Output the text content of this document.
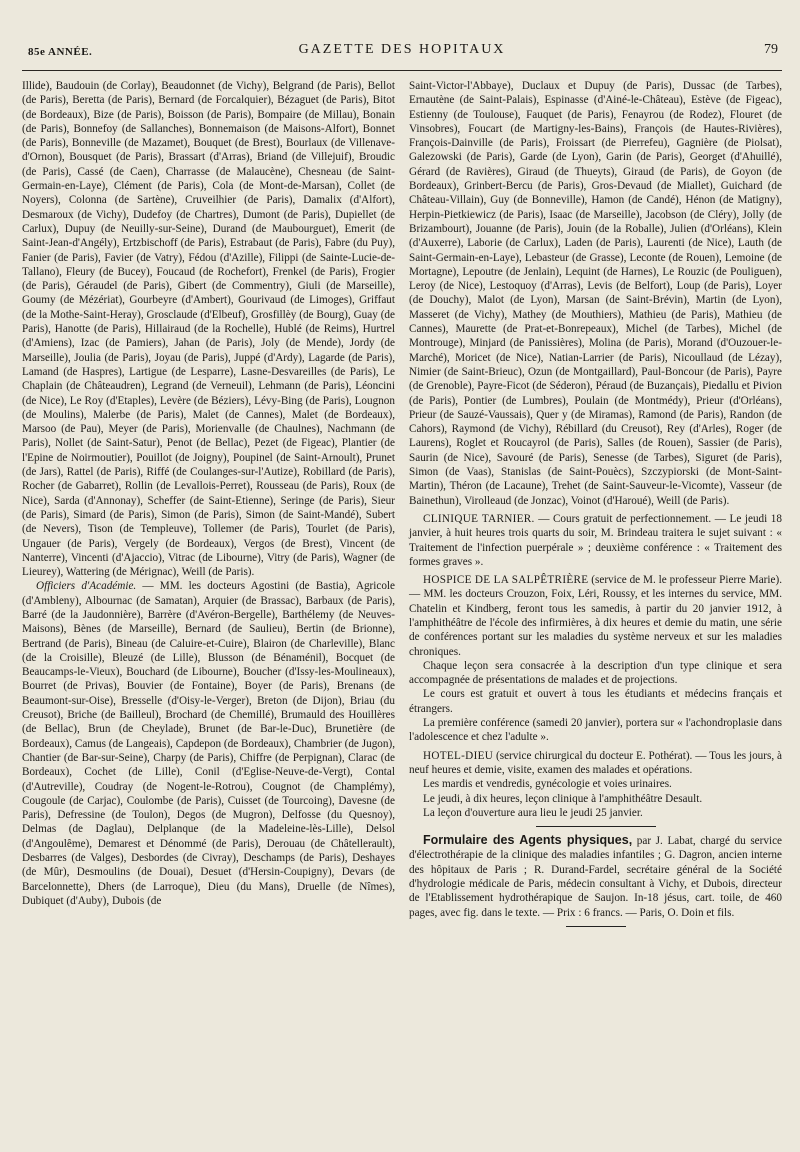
85e ANNÉE.	GAZETTE DES HOPITAUX	79

Illide), Baudouin (de Corlay), Beaudonnet (de Vichy), Belgrand (de Paris), Bellot (de Paris), Beretta (de Paris), Bernard (de Forcalquier), Bézaguet (de Paris), Bitot (de Bordeaux), Bize (de Paris), Boisson (de Paris), Bompaire (de Millau), Bonain (de Paris), Bonnefoy (de Sallanches), Bonnemaison (de Maisons-Alfort), Bonnet (de Paris), Bonneville (de Mazamet), Bouquet (de Brest), Bourlaux (de Villenave-d'Ornon), Bousquet (de Paris), Brassart (d'Arras), Briand (de Villejuif), Broudic (de Paris), Cassé (de Caen), Charrasse (de Malaucène), Chesneau (de Saint-Germain-en-Laye), Clément (de Paris), Cola (de Mont-de-Marsan), Collet (de Noyers), Colonna (de Sartène), Cruveilhier (de Paris), Damalix (d'Alfort), Desmaroux (de Vichy), Dudefoy (de Chartres), Dumont (de Paris), Dupiellet (de Carlux), Dupuy (de Neuilly-sur-Seine), Durand (de Maubourguet), Emerit (de Saint-Jean-d'Angély), Ertzbischoff (de Paris), Estrabaut (de Paris), Fabre (du Puy), Fanier (de Paris), Favier (de Vatry), Fédou (d'Azille), Filippi (de Sainte-Lucie-de-Tallano), Fleury (de Bucey), Foucaud (de Rochefort), Frenkel (de Paris), Frogier (de Paris), Géraudel (de Paris), Gibert (de Commentry), Giuli (de Marseille), Goumy (de Mézériat), Gourbeyre (d'Ambert), Gourivaud (de Limoges), Griffaut (de la Mothe-Saint-Heray), Grosclaude (d'Elbeuf), Grosfillèy (de Bourg), Guay (de Paris), Hanotte (de Paris), Hillairaud (de la Rochelle), Hublé (de Reims), Hurtrel (d'Amiens), Izac (de Pamiers), Jahan (de Paris), Joly (de Mende), Jordy (de Marseille), Joulia (de Paris), Joyau (de Paris), Juppé (d'Ardy), Lagarde (de Paris), Lamand (de Haspres), Lartigue (de Lesparre), Lasne-Desvareilles (de Paris), Le Chaplain (de Châteaudren), Legrand (de Verneuil), Lehmann (de Paris), Léoncini (de Nice), Le Roy (d'Etaples), Levère (de Béziers), Lévy-Bing (de Paris), Lougnon (de Moulins), Malerbe (de Paris), Malet (de Cannes), Malet (de Bordeaux), Marsoo (de Pau), Meyer (de Paris), Morienvalle (de Chaulnes), Nachmann (de Paris), Nollet (de Saint-Satur), Penot (de Bellac), Pezet (de Figeac), Plantier (de l'Epine de Noirmoutier), Pouillot (de Joigny), Poupinel (de Saint-Arnoult), Prunet (de Jars), Rattel (de Paris), Riffé (de Coulanges-sur-l'Autize), Robillard (de Paris), Rocher (de Gabarret), Rollin (de Levallois-Perret), Rousseau (de Paris), Roux (de Nice), Sarda (d'Annonay), Scheffer (de Saint-Etienne), Seringe (de Paris), Sieur (de Paris), Simard (de Paris), Simon (de Paris), Simon (de Saint-Mandé), Subert (de Nevers), Tison (de Templeuve), Tollemer (de Paris), Tourlet (de Paris), Ungauer (de Paris), Vergely (de Bordeaux), Vergos (de Brest), Vincent (de Nanterre), Vincenti (d'Ajaccio), Vitrac (de Libourne), Vitry (de Paris), Wagner (de Lieurey), Wattering (de Mérignac), Weill (de Paris).

Officiers d'Académie. — MM. les docteurs Agostini (de Bastia), Agricole (d'Ambleny), Albournac (de Samatan), Arquier (de Brassac), Barbaux (de Paris), Barré (de la Jaudonnière), Barrère (d'Avéron-Bergelle), Barthélemy (de Neuves-Maisons), Bènes (de Marseille), Bernard (de Saulieu), Bertin (de Brionne), Bertrand (de Paris), Bineau (de Caluire-et-Cuire), Blairon (de Charleville), Blanc (de la Croisille), Bleuzé (de Lille), Blusson (de Bénaménil), Bocquet (de Beaucamps-le-Vieux), Bouchard (de Libourne), Boucher (d'Issy-les-Moulineaux), Bourret (de Privas), Bouvier (de Fontaine), Boyer (de Paris), Brenans (de Beaumont-sur-Oise), Bresselle (d'Oisy-le-Verger), Breton (de Dijon), Briau (du Creusot), Briche (de Bailleul), Brochard (de Chemillé), Brumauld des Houillères (de Bellac), Brun (de Cheylade), Brunet (de Bar-le-Duc), Brunetière (de Bordeaux), Camus (de Langeais), Capdepon (de Bordeaux), Chambrier (de Jugon), Chantier (de Bar-sur-Seine), Charpy (de Paris), Chiffre (de Perpignan), Clarac (de Bordeaux), Cochet (de Lille), Conil (d'Eglise-Neuve-de-Vergt), Contal (d'Autreville), Coudray (de Nogent-le-Rotrou), Cougnot (de Champlémy), Cougoule (de Carjac), Coulombe (de Paris), Cuisset (de Tourcoing), Davesne (de Paris), Defressine (de Toulon), Degos (de Mugron), Delfosse (du Quesnoy), Delmas (de Daglau), Delplanque (de la Madeleine-lès-Lille), Delsol (d'Angoulême), Demarest et Dénommé (de Paris), Derouau (de Châtellerault), Desbarres (de Valges), Desbordes (de Civray), Deschamps (de Paris), Deshayes (de Mûr), Desmoulins (de Douai), Desuet (d'Hersin-Coupigny), Devars (de Barcelonnette), Dhers (de Larroque), Dieu (du Mans), Druelle (de Nîmes), Dubiquet (d'Auby), Dubois (de

Saint-Victor-l'Abbaye), Duclaux et Dupuy (de Paris), Dussac (de Tarbes), Ernautène (de Saint-Palais), Espinasse (d'Ainé-le-Château), Estève (de Figeac), Estienny (de Toulouse), Fauquet (de Paris), Fenayrou (de Rodez), Flouret (de Vinsobres), Foucart (de Martigny-les-Bains), François (de Hautes-Rivières), François-Dainville (de Paris), Froissart (de Pierrefeu), Gagnière (de Piolsat), Galezowski (de Paris), Garde (de Lyon), Garin (de Paris), Georget (d'Ahuillé), Gérard (de Ravières), Giraud (de Thueyts), Giraud (de Paris), de Goyon (de Bordeaux), Grinbert-Bercu (de Paris), Gros-Devaud (de Miallet), Guichard (de Château-Villain), Guy (de Bonneville), Hamon (de Candé), Hénon (de Matigny), Herpin-Pietkiewicz (de Paris), Isaac (de Marseille), Jacobson (de Cléry), Jolly (de Brizambourt), Jouanne (de Paris), Jouin (de la Roballe), Julien (d'Orléans), Klein (d'Auxerre), Laborie (de Carlux), Laden (de Paris), Laurenti (de Nice), Lauth (de Saint-Germain-en-Laye), Lebasteur (de Grasse), Leconte (de Rouen), Lemoine (de Mortagne), Lepoutre (de Jenlain), Lequint (de Harnes), Le Rouzic (de Pouliguen), Leroy (de Nice), Lestoquoy (d'Arras), Levis (de Belfort), Loup (de Paris), Loyer (de Douchy), Malot (de Lyon), Marsan (de Saint-Brévin), Martin (de Lyon), Masseret (de Vichy), Mathey (de Mouthiers), Mathieu (de Paris), Mathieu (de Cannes), Maurette (de Prat-et-Bonrepeaux), Michel (de Tarbes), Michel (de Montrouge), Minjard (de Panissières), Molina (de Paris), Morand (d'Ouzouer-le-Marché), Moricet (de Nice), Natian-Larrier (de Paris), Nicoullaud (de Lézay), Nimier (de Saint-Brieuc), Ozun (de Montgaillard), Paul-Boncour (de Paris), Payre (de Grenoble), Payre-Ficot (de Séderon), Péraud (de Buzançais), Piedallu et Pivion (de Paris), Pontier (de Lumbres), Poulain (de Montmédy), Prieur (d'Orléans), Prieur (de Sauzé-Vaussais), Quer y (de Miramas), Ramond (de Paris), Randon (de Cahors), Raymond (de Vichy), Rébillard (du Creusot), Rey (d'Arles), Roger (de Laurens), Roglet et Roucayrol (de Paris), Salles (de Rouen), Sassier (de Paris), Saurin (de Nice), Savouré (de Paris), Senesse (de Tarbes), Siguret (de Paris), Simon (de Vaas), Stanislas (de Saint-Pouècs), Szczypiorski (de Mont-Saint-Martin), Théron (de Lacaune), Trehet (de Saint-Sauveur-le-Vicomte), Vasseur (de Bainethun), Virolleaud (de Jonzac), Voinot (d'Haroué), Weill (de Paris).

CLINIQUE TARNIER. — Cours gratuit de perfectionnement. — Le jeudi 18 janvier, à huit heures trois quarts du soir, M. Brindeau traitera le sujet suivant : « Traitement de l'infection puerpérale » ; deuxième conférence : « Traitement des formes graves ».

HOSPICE DE LA SALPÊTRIÈRE (service de M. le professeur Pierre Marie). — MM. les docteurs Crouzon, Foix, Léri, Roussy, et les internes du service, MM. Chatelin et Kindberg, feront tous les samedis, à partir du 20 janvier 1912, à l'amphithéâtre de l'école des infirmières, à dix heures et demie du matin, une série de conférences portant sur les maladies du système nerveux et sur les maladies chroniques.

Chaque leçon sera consacrée à la description d'un type clinique et sera accompagnée de présentations de malades et de projections.

Le cours est gratuit et ouvert à tous les étudiants et médecins français et étrangers.

La première conférence (samedi 20 janvier), portera sur « l'achondroplasie dans l'adolescence et chez l'adulte ».

HOTEL-DIEU (service chirurgical du docteur E. Pothérat). — Tous les jours, à neuf heures et demie, visite, examen des malades et opérations.

Les mardis et vendredis, gynécologie et voies urinaires.

Le jeudi, à dix heures, leçon clinique à l'amphithéâtre Desault.

La leçon d'ouverture aura lieu le jeudi 25 janvier.

Formulaire des Agents physiques, par J. Labat, chargé du service d'électrothérapie de la clinique des maladies infantiles ; G. Dagron, ancien interne des hôpitaux de Paris ; R. Durand-Fardel, secrétaire général de la Société d'hydrologie médicale de Paris, médecin consultant à Vichy, et Dubois, directeur de l'Etablissement hydrothérapique de Saujon. In-18 jésus, cart. toile, de 460 pages, avec fig. dans le texte. — Prix : 6 francs. — Paris, O. Doin et fils.
